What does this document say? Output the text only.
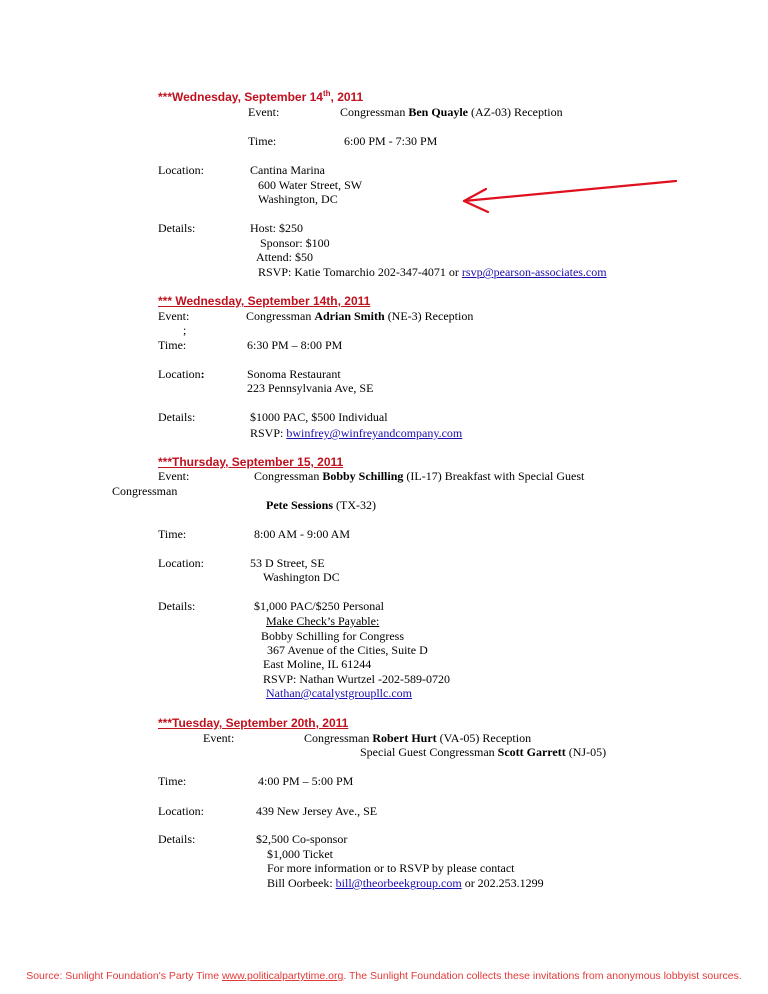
***Wednesday, September 14th, 2011
Event:	Congressman Ben Quayle (AZ-03) Reception
Time:	6:00 PM - 7:30 PM
Location:	Cantina Marina
600 Water Street, SW
Washington, DC
Details:	Host: $250
Sponsor: $100
Attend: $50
RSVP: Katie Tomarchio 202-347-4071 or rsvp@pearson-associates.com
*** Wednesday, September 14th, 2011
Event:	Congressman Adrian Smith (NE-3) Reception
;
Time:	6:30 PM – 8:00 PM
Location:	Sonoma Restaurant
223 Pennsylvania Ave, SE
Details:	$1000 PAC, $500 Individual
RSVP: bwinfrey@winfreyandcompany.com
***Thursday, September 15, 2011
Event:	Congressman Bobby Schilling (IL-17) Breakfast with Special Guest
Congressman
Pete Sessions (TX-32)
Time:	8:00 AM - 9:00 AM
Location:	53 D Street, SE
Washington DC
Details:	$1,000 PAC/$250 Personal
Make Check’s Payable:
Bobby Schilling for Congress
367 Avenue of the Cities, Suite D
East Moline, IL 61244
RSVP: Nathan Wurtzel -202-589-0720
Nathan@catalystgroupllc.com
***Tuesday, September 20th, 2011
Event:	Congressman Robert Hurt (VA-05) Reception
Special Guest Congressman Scott Garrett (NJ-05)
Time:	4:00 PM – 5:00 PM
Location:	439 New Jersey Ave., SE
Details:	$2,500 Co-sponsor
$1,000 Ticket
For more information or to RSVP by please contact
Bill Oorbeek: bill@theorbeekgroup.com or 202.253.1299
Source: Sunlight Foundation's Party Time www.politicalpartytime.org. The Sunlight Foundation collects these invitations from anonymous lobbyist sources.
